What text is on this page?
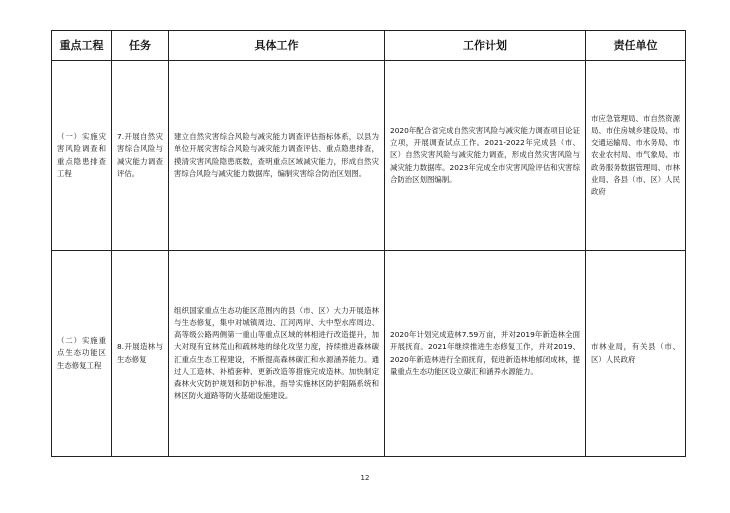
重点工程	任务	具体工作	工作计划	责任单位
（一）实施灾害风险调查和重点隐患排查工程	7.开展自然灾害综合风险与减灾能力调查评估。	建立自然灾害综合风险与减灾能力调查评估指标体系，以县为单位开展灾害综合风险与减灾能力调查评估、重点隐患排查，摸清灾害风险隐患底数，查明重点区域减灾能力，形成自然灾害综合风险与减灾能力数据库，编制灾害综合防治区划图。	2020年配合省完成自然灾害风险与减灾能力调查项目论证立项，开展调查试点工作。2021-2022年完成县（市、区）自然灾害风险与减灾能力调查，形成自然灾害风险与减灾能力数据库。2023年完成全市灾害风险评估和灾害综合防治区划图编制。	市应急管理局、市自然资源局、市住房城乡建设局、市交通运输局、市水务局、市农业农村局、市气象局、市政务服务数据管理局、市林业局、各县（市、区）人民政府
（二）实施重点生态功能区生态修复工程	8.开展造林与生态修复	组织国家重点生态功能区范围内的县（市、区）大力开展造林与生态修复，集中对城镇周边、江河两岸、大中型水库周边、高等级公路两侧第一重山等重点区域的林相进行改造提升，加大对现有宜林荒山和疏林地的绿化攻坚力度，持续推进森林碳汇重点生态工程建设，不断提高森林碳汇和水源涵养能力。通过人工造林、补植套种、更新改造等措施完成造林。加快制定森林火灾防护规划和防护标准，指导实施林区防护阻隔系统和林区防火道路等防火基础设施建设。	2020年计划完成造林7.59万亩，并对2019年新造林全面开展抚育。2021年继续推进生态修复工作，并对2019、2020年新造林进行全面抚育，促进新造林地郁闭成林，提量重点生态功能区设立碳汇和涵养水源能力。	市林业局，有关县（市、区）人民政府
12
